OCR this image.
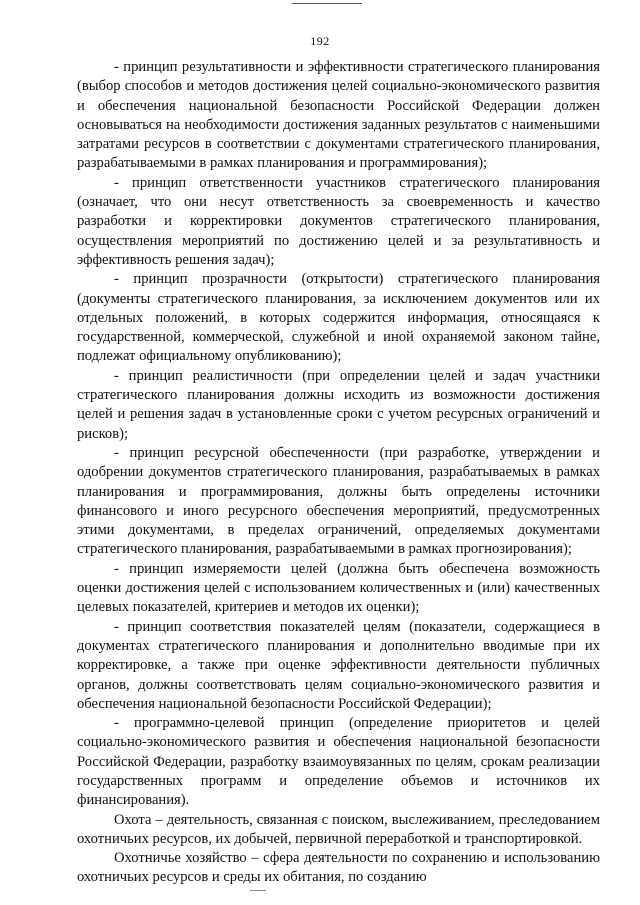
192

- принцип результативности и эффективности стратегического планирования (выбор способов и методов достижения целей социально-экономического развития и обеспечения национальной безопасности Российской Федерации должен основываться на необходимости достижения заданных результатов с наименьшими затратами ресурсов в соответствии с документами стратегического планирования, разрабатываемыми в рамках планирования и программирования);

- принцип ответственности участников стратегического планирования (означает, что они несут ответственность за своевременность и качество разработки и корректировки документов стратегического планирования, осуществления мероприятий по достижению целей и за результативность и эффективность решения задач);

- принцип прозрачности (открытости) стратегического планирования (документы стратегического планирования, за исключением документов или их отдельных положений, в которых содержится информация, относящаяся к государственной, коммерческой, служебной и иной охраняемой законом тайне, подлежат официальному опубликованию);

- принцип реалистичности (при определении целей и задач участники стратегического планирования должны исходить из возможности достижения целей и решения задач в установленные сроки с учетом ресурсных ограничений и рисков);

- принцип ресурсной обеспеченности (при разработке, утверждении и одобрении документов стратегического планирования, разрабатываемых в рамках планирования и программирования, должны быть определены источники финансового и иного ресурсного обеспечения мероприятий, предусмотренных этими документами, в пределах ограничений, определяемых документами стратегического планирования, разрабатываемыми в рамках прогнозирования);

- принцип измеряемости целей (должна быть обеспечена возможность оценки достижения целей с использованием количественных и (или) качественных целевых показателей, критериев и методов их оценки);

- принцип соответствия показателей целям (показатели, содержащиеся в документах стратегического планирования и дополнительно вводимые при их корректировке, а также при оценке эффективности деятельности публичных органов, должны соответствовать целям социально-экономического развития и обеспечения национальной безопасности Российской Федерации);

- программно-целевой принцип (определение приоритетов и целей социально-экономического развития и обеспечения национальной безопасности Российской Федерации, разработку взаимоувязанных по целям, срокам реализации государственных программ и определение объемов и источников их финансирования).

Охота – деятельность, связанная с поиском, выслеживанием, преследованием охотничьих ресурсов, их добычей, первичной переработкой и транспортировкой.

Охотничье хозяйство – сфера деятельности по сохранению и использованию охотничьих ресурсов и среды их обитания, по созданию
